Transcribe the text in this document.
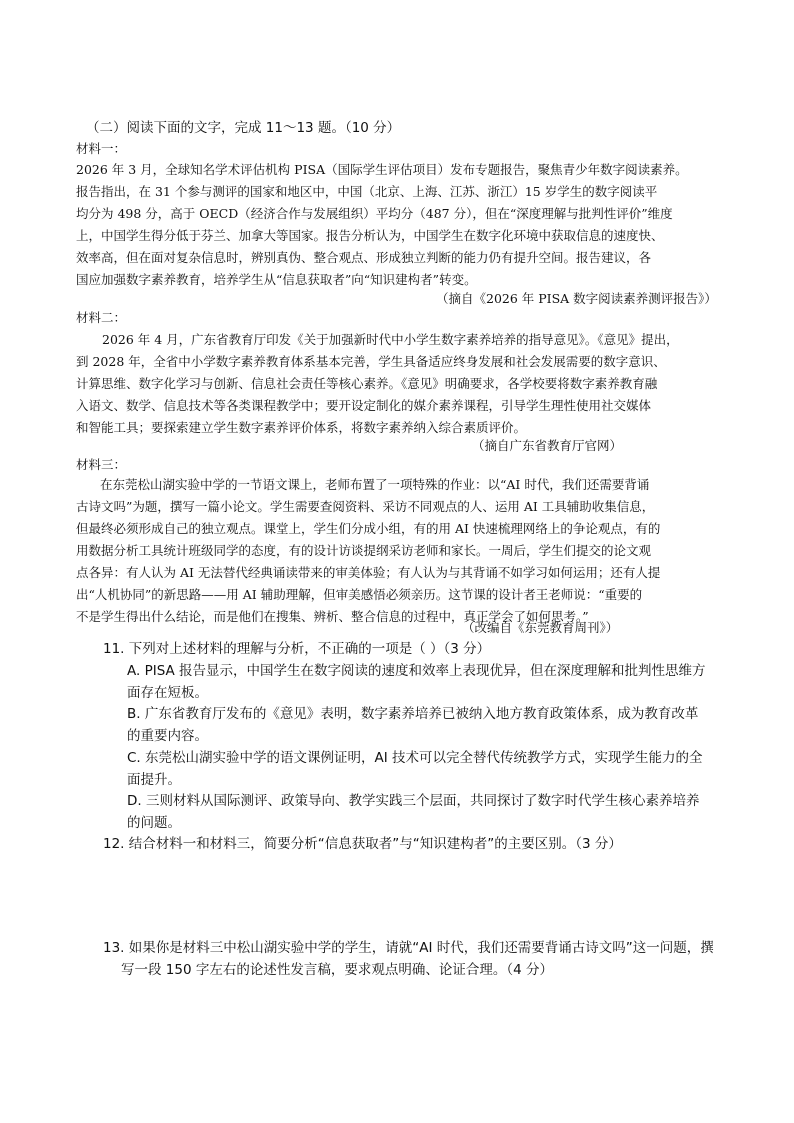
（二）阅读下面的文字，完成 11～13 题。（10 分）
材料一：
2026 年 3 月，全球知名学术评估机构 PISA（国际学生评估项目）发布专题报告，聚焦青少年数字阅读素养。
报告指出，在 31 个参与测评的国家和地区中，中国（北京、上海、江苏、浙江）15 岁学生的数字阅读平
均分为 498 分，高于 OECD（经济合作与发展组织）平均分（487 分），但在“深度理解与批判性评价”维度
上，中国学生得分低于芬兰、加拿大等国家。报告分析认为，中国学生在数字化环境中获取信息的速度快、
效率高，但在面对复杂信息时，辨别真伪、整合观点、形成独立判断的能力仍有提升空间。报告建议，各
国应加强数字素养教育，培养学生从“信息获取者”向“知识建构者”转变。
（摘自《2026 年 PISA 数字阅读素养测评报告》）
材料二：
2026 年 4 月，广东省教育厅印发《关于加强新时代中小学生数字素养培养的指导意见》。《意见》提出，
到 2028 年，全省中小学数字素养教育体系基本完善，学生具备适应终身发展和社会发展需要的数字意识、
计算思维、数字化学习与创新、信息社会责任等核心素养。《意见》明确要求，各学校要将数字素养教育融
入语文、数学、信息技术等各类课程教学中；要开设定制化的媒介素养课程，引导学生理性使用社交媒体
和智能工具；要探索建立学生数字素养评价体系，将数字素养纳入综合素质评价。
（摘自广东省教育厅官网）
材料三：
在东莞松山湖实验中学的一节语文课上，老师布置了一项特殊的作业：以“AI 时代，我们还需要背诵
古诗文吗”为题，撰写一篇小论文。学生需要查阅资料、采访不同观点的人、运用 AI 工具辅助收集信息，
但最终必须形成自己的独立观点。课堂上，学生们分成小组，有的用 AI 快速梳理网络上的争论观点，有的
用数据分析工具统计班级同学的态度，有的设计访谈提纲采访老师和家长。一周后，学生们提交的论文观
点各异：有人认为 AI 无法替代经典诵读带来的审美体验；有人认为与其背诵不如学习如何运用；还有人提
出“人机协同”的新思路——用 AI 辅助理解，但审美感悟必须亲历。这节课的设计者王老师说：“重要的
不是学生得出什么结论，而是他们在搜集、辨析、整合信息的过程中，真正学会了如何思考。”
（改编自《东莞教育周刊》）
11. 下列对上述材料的理解与分析，不正确的一项是（ ）（3 分）
A. PISA 报告显示，中国学生在数字阅读的速度和效率上表现优异，但在深度理解和批判性思维方
面存在短板。
B. 广东省教育厅发布的《意见》表明，数字素养培养已被纳入地方教育政策体系，成为教育改革
的重要内容。
C. 东莞松山湖实验中学的语文课例证明，AI 技术可以完全替代传统教学方式，实现学生能力的全
面提升。
D. 三则材料从国际测评、政策导向、教学实践三个层面，共同探讨了数字时代学生核心素养培养
的问题。
12. 结合材料一和材料三，简要分析“信息获取者”与“知识建构者”的主要区别。（3 分）
13. 如果你是材料三中松山湖实验中学的学生，请就“AI 时代，我们还需要背诵古诗文吗”这一问题，撰
写一段 150 字左右的论述性发言稿，要求观点明确、论证合理。（4 分）
